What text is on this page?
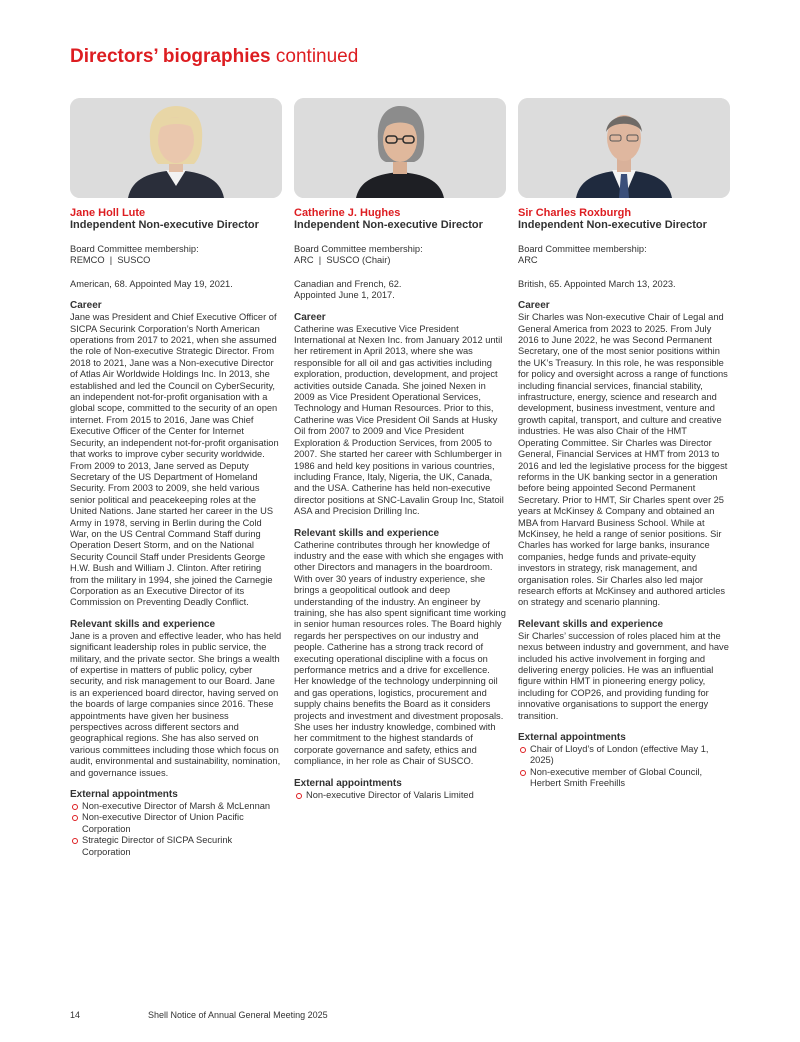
Directors’ biographies continued
Jane Holl Lute
Independent Non-executive Director

Board Committee membership:

REMCO  |  SUSCO

American, 68. Appointed May 19, 2021.

Career

Jane was President and Chief Executive Officer of SICPA Securink Corporation’s North American operations from 2017 to 2021, when she assumed the role of Non-executive Strategic Director. From 2018 to 2021, Jane was a Non-executive Director of Atlas Air Worldwide Holdings Inc. In 2013, she established and led the Council on CyberSecurity, an independent not-for-profit organisation with a global scope, committed to the security of an open internet. From 2015 to 2016, Jane was Chief Executive Officer of the Center for Internet Security, an independent not-for-profit organisation that works to improve cyber security worldwide. From 2009 to 2013, Jane served as Deputy Secretary of the US Department of Homeland Security. From 2003 to 2009, she held various senior political and peacekeeping roles at the United Nations. Jane started her career in the US Army in 1978, serving in Berlin during the Cold War, on the US Central Command Staff during Operation Desert Storm, and on the National Security Council Staff under Presidents George H.W. Bush and William J. Clinton. After retiring from the military in 1994, she joined the Carnegie Corporation as an Executive Director of its Commission on Preventing Deadly Conflict.

Relevant skills and experience

Jane is a proven and effective leader, who has held significant leadership roles in public service, the military, and the private sector. She brings a wealth of expertise in matters of public policy, cyber security, and risk management to our Board. Jane is an experienced board director, having served on the boards of large companies since 2016. These appointments have given her business perspectives across different sectors and geographical regions. She has also served on various committees including those which focus on audit, environmental and sustainability, nomination, and governance issues.

External appointments
Non-executive Director of Marsh & McLennan
Non-executive Director of Union Pacific Corporation
Strategic Director of SICPA Securink Corporation
Catherine J. Hughes
Independent Non-executive Director

Board Committee membership:

ARC  |  SUSCO (Chair)

Canadian and French, 62. Appointed June 1, 2017.

Career

Catherine was Executive Vice President International at Nexen Inc. from January 2012 until her retirement in April 2013, where she was responsible for all oil and gas activities including exploration, production, development, and project activities outside Canada. She joined Nexen in 2009 as Vice President Operational Services, Technology and Human Resources. Prior to this, Catherine was Vice President Oil Sands at Husky Oil from 2007 to 2009 and Vice President Exploration & Production Services, from 2005 to 2007. She started her career with Schlumberger in 1986 and held key positions in various countries, including France, Italy, Nigeria, the UK, Canada, and the USA. Catherine has held non-executive director positions at SNC-Lavalin Group Inc, Statoil ASA and Precision Drilling Inc.

Relevant skills and experience

Catherine contributes through her knowledge of industry and the ease with which she engages with other Directors and managers in the boardroom. With over 30 years of industry experience, she brings a geopolitical outlook and deep understanding of the industry. An engineer by training, she has also spent significant time working in senior human resources roles. The Board highly regards her perspectives on our industry and people. Catherine has a strong track record of executing operational discipline with a focus on performance metrics and a drive for excellence. Her knowledge of the technology underpinning oil and gas operations, logistics, procurement and supply chains benefits the Board as it considers projects and investment and divestment proposals. She uses her industry knowledge, combined with her commitment to the highest standards of corporate governance and safety, ethics and compliance, in her role as Chair of SUSCO.

External appointments
Non-executive Director of Valaris Limited
Sir Charles Roxburgh
Independent Non-executive Director

Board Committee membership:

ARC

British, 65. Appointed March 13, 2023.

Career

Sir Charles was Non-executive Chair of Legal and General America from 2023 to 2025. From July 2016 to June 2022, he was Second Permanent Secretary, one of the most senior positions within the UK’s Treasury. In this role, he was responsible for policy and oversight across a range of functions including financial services, financial stability, infrastructure, energy, science and research and development, business investment, venture and growth capital, transport, and culture and creative industries. He was also Chair of the HMT Operating Committee. Sir Charles was Director General, Financial Services at HMT from 2013 to 2016 and led the legislative process for the biggest reforms in the UK banking sector in a generation before being appointed Second Permanent Secretary. Prior to HMT, Sir Charles spent over 25 years at McKinsey & Company and obtained an MBA from Harvard Business School. While at McKinsey, he held a range of senior positions. Sir Charles has worked for large banks, insurance companies, hedge funds and private-equity investors in strategy, risk management, and organisation roles. Sir Charles also led major research efforts at McKinsey and authored articles on strategy and scenario planning.

Relevant skills and experience

Sir Charles’ succession of roles placed him at the nexus between industry and government, and have included his active involvement in forging and delivering energy policies. He was an influential figure within HMT in pioneering energy policy, including for COP26, and providing funding for innovative organisations to support the energy transition.

External appointments
Chair of Lloyd’s of London (effective May 1, 2025)
Non-executive member of Global Council, Herbert Smith Freehills
14	Shell Notice of Annual General Meeting 2025
